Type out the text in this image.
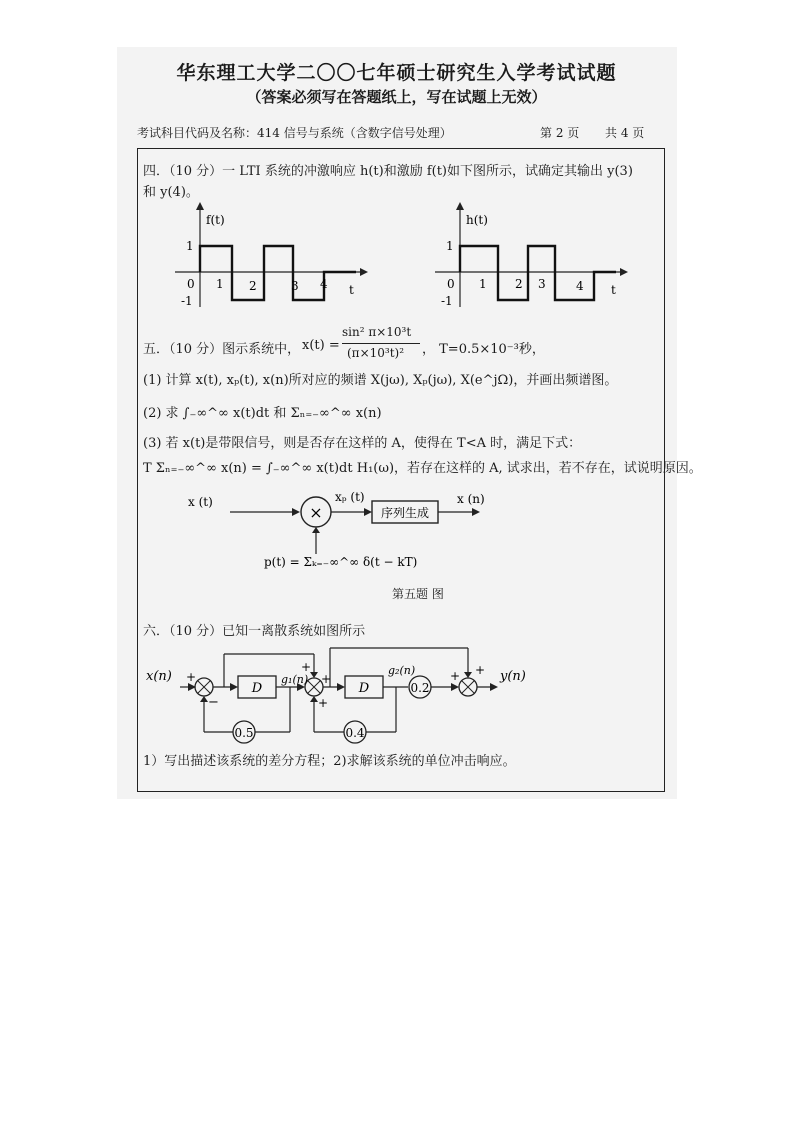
华东理工大学二〇〇七年硕士研究生入学考试试题
（答案必须写在答题纸上，写在试题上无效）
考试科目代码及名称：414 信号与系统（含数字信号处理）	第 2 页 共 4 页
四．（10 分）一 LTI 系统的冲激响应 h(t)和激励 f(t)如下图所示，试确定其输出 y(3)
和 y(4)。
f(t)
t
1
-1
0 1 2	3 4
h(t)
t
1
-1
0 1 2 3	4
五．（10 分）图示系统中， x(t) =
sin² π×10³t
(π×10³t)² ， T=0.5×10⁻³秒，
(1) 计算 x(t), xₚ(t), x(n)所对应的频谱 X(jω), Xₚ(jω), X(e^jΩ)，并画出频谱图。
(2) 求 ∫₋∞^∞ x(t)dt 和 Σₙ₌₋∞^∞ x(n)
(3) 若 x(t)是带限信号，则是否存在这样的 A，使得在 T<A 时，满足下式：
T Σₙ₌₋∞^∞ x(n) = ∫₋∞^∞ x(t)dt H₁(ω)，若存在这样的 A, 试求出，若不存在，试说明原因。
×	序列生成
x (t)	xₚ (t)	x (n)
p(t) = Σₖ₌₋∞^∞ δ(t − kT)
第五题 图
六．（10 分）已知一离散系统如图所示
D	D	0.2
0.5	0.4
x(n)	y(n)
g₁(n)
g₂(n)
+
−
+
+
+
+ +
1）写出描述该系统的差分方程；2)求解该系统的单位冲击响应。
